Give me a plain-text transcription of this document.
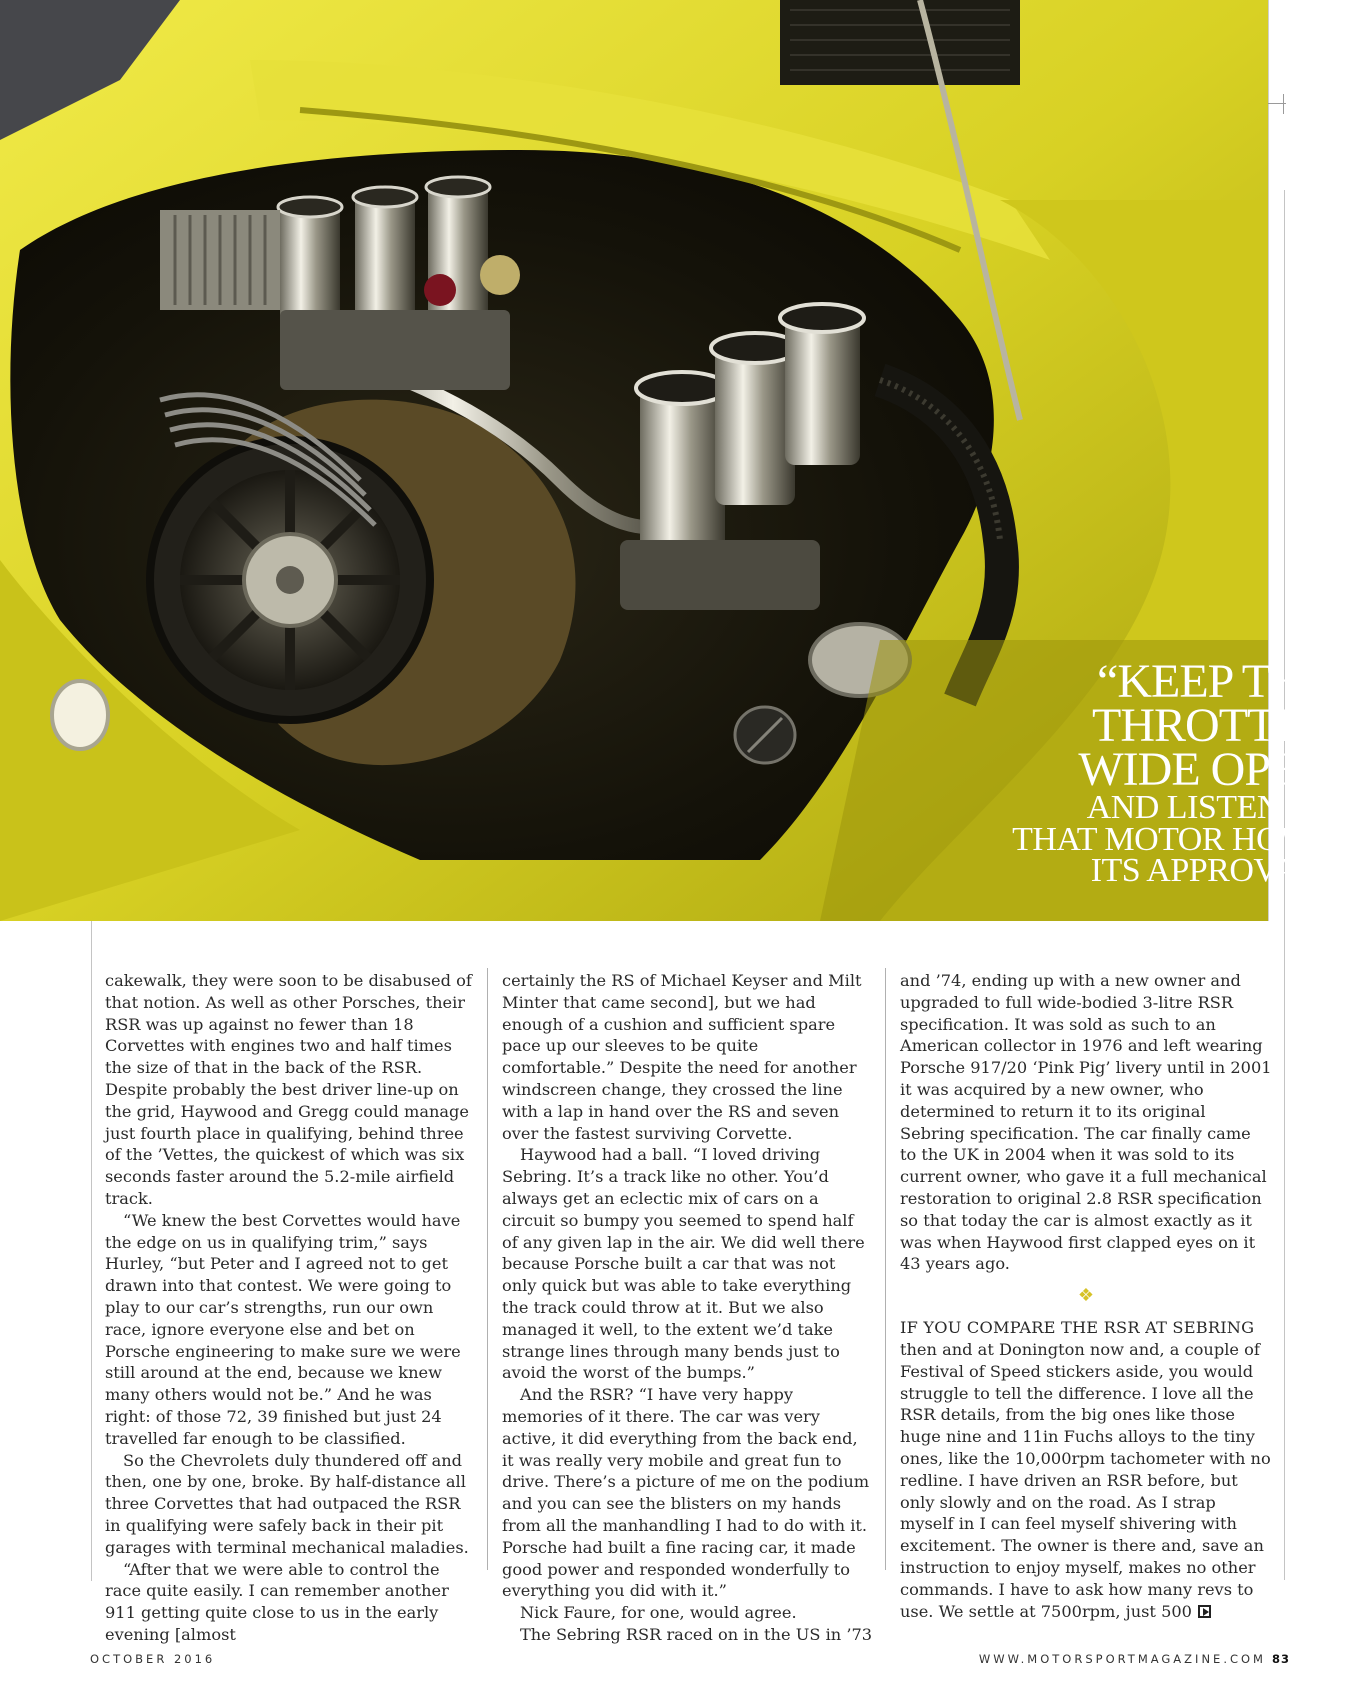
“KEEP THE
THROTTLE
WIDE OPEN
AND LISTEN TO
THAT MOTOR HOWL
ITS APPROVAL”

cakewalk, they were soon to be disabused of that notion. As well as other Porsches, their RSR was up against no fewer than 18 Corvettes with engines two and half times the size of that in the back of the RSR. Despite probably the best driver line-up on the grid, Haywood and Gregg could manage just fourth place in qualifying, behind three of the ’Vettes, the quickest of which was six seconds faster around the 5.2-mile airfield track.

“We knew the best Corvettes would have the edge on us in qualifying trim,” says Hurley, “but Peter and I agreed not to get drawn into that contest. We were going to play to our car’s strengths, run our own race, ignore everyone else and bet on Porsche engineering to make sure we were still around at the end, because we knew many others would not be.” And he was right: of those 72, 39 finished but just 24 travelled far enough to be classified.

So the Chevrolets duly thundered off and then, one by one, broke. By half-distance all three Corvettes that had outpaced the RSR in qualifying were safely back in their pit garages with terminal mechanical maladies.

“After that we were able to control the race quite easily. I can remember another 911 getting quite close to us in the early evening [almost

certainly the RS of Michael Keyser and Milt Minter that came second], but we had enough of a cushion and sufficient spare pace up our sleeves to be quite comfortable.” Despite the need for another windscreen change, they crossed the line with a lap in hand over the RS and seven over the fastest surviving Corvette.

Haywood had a ball. “I loved driving Sebring. It’s a track like no other. You’d always get an eclectic mix of cars on a circuit so bumpy you seemed to spend half of any given lap in the air. We did well there because Porsche built a car that was not only quick but was able to take everything the track could throw at it. But we also managed it well, to the extent we’d take strange lines through many bends just to avoid the worst of the bumps.”

And the RSR? “I have very happy memories of it there. The car was very active, it did everything from the back end, it was really very mobile and great fun to drive. There’s a picture of me on the podium and you can see the blisters on my hands from all the manhandling I had to do with it. Porsche had built a fine racing car, it made good power and responded wonderfully to everything you did with it.”

Nick Faure, for one, would agree.

The Sebring RSR raced on in the US in ’73

and ’74, ending up with a new owner and upgraded to full wide-bodied 3-litre RSR specification. It was sold as such to an American collector in 1976 and left wearing Porsche 917/20 ‘Pink Pig’ livery until in 2001 it was acquired by a new owner, who determined to return it to its original Sebring specification. The car finally came to the UK in 2004 when it was sold to its current owner, who gave it a full mechanical restoration to original 2.8 RSR specification so that today the car is almost exactly as it was when Haywood first clapped eyes on it 43 years ago.

❖

IF YOU COMPARE THE RSR AT SEBRING then and at Donington now and, a couple of Festival of Speed stickers aside, you would struggle to tell the difference. I love all the RSR details, from the big ones like those huge nine and 11in Fuchs alloys to the tiny ones, like the 10,000rpm tachometer with no redline. I have driven an RSR before, but only slowly and on the road. As I strap myself in I can feel myself shivering with excitement. The owner is there and, save an instruction to enjoy myself, makes no other commands. I have to ask how many revs to use. We settle at 7500rpm, just 500

OCTOBER 2016	WWW.MOTORSPORTMAGAZINE.COM 83
